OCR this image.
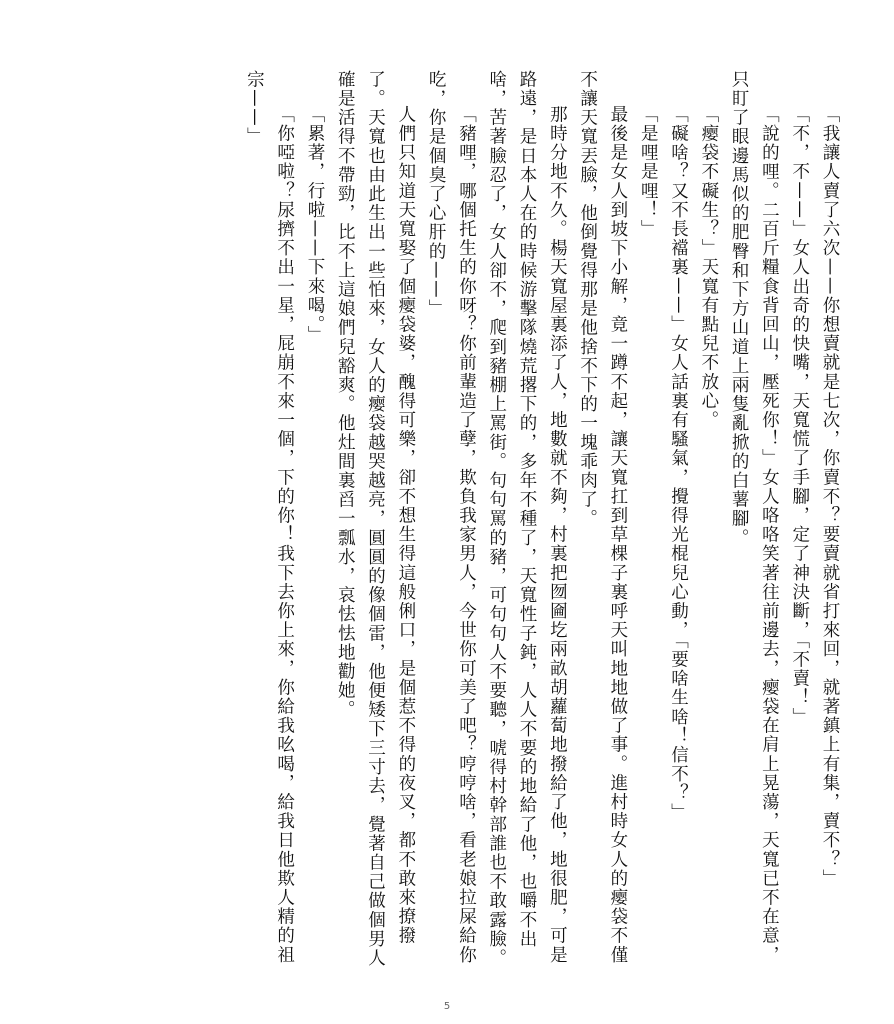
「我讓人賣了六次——你想賣就是七次，你賣不？要賣就省打來回，就著鎮上有集，賣不？」

「不，不——」女人出奇的快嘴，天寬慌了手腳，定了神決斷，「不賣！」

「說的哩。二百斤糧食背回山，壓死你！」女人咯咯笑著往前邊去，瘿袋在肩上晃蕩，天寬已不在意，只盯了眼邊馬似的肥臀和下方山道上兩隻亂掀的白薯腳。

「瘿袋不礙生？」天寬有點兒不放心。

「礙啥？又不長襠裏——」女人話裏有騷氣，攪得光棍兒心動，「要啥生啥！信不？」

「是哩是哩！」

最後是女人到坡下小解，竟一蹲不起，讓天寬扛到草棵子裏呼天叫地地做了事。進村時女人的瘿袋不僅不讓天寬丟臉，他倒覺得那是他捨不下的一塊乖肉了。

那時分地不久。楊天寬屋裏添了人，地數就不夠，村裏把囫圇圪兩畝胡蘿蔔地撥給了他，地很肥，可是路遠，是日本人在的時候游擊隊燒荒撂下的，多年不種了，天寬性子鈍，人人不要的地給了他，也嚼不出啥，苦著臉忍了，女人卻不，爬到豬棚上罵街。句句罵的豬，可句句人不要聽，唬得村幹部誰也不敢露臉。

「豬哩，哪個托生的你呀？你前輩造了孽，欺負我家男人，今世你可美了吧？哼哼啥，看老娘拉屎給你吃，你是個臭了心肝的——」

人們只知道天寬娶了個瘿袋婆，醜得可樂，卻不想生得這般俐口，是個惹不得的夜叉，都不敢來撩撥了。天寬也由此生出一些怕來，女人的瘿袋越哭越亮，圓圓的像個雷，他便矮下三寸去，覺著自己做個男人確是活得不帶勁，比不上這娘們兒豁爽。他灶間裏舀一瓢水，哀怯怯地勸她。

「累著，行啦——下來喝。」

「你啞啦？尿擠不出一星，屁崩不來一個，下的你！我下去你上來，你給我吆喝，給我日他欺人精的祖宗——」

5
